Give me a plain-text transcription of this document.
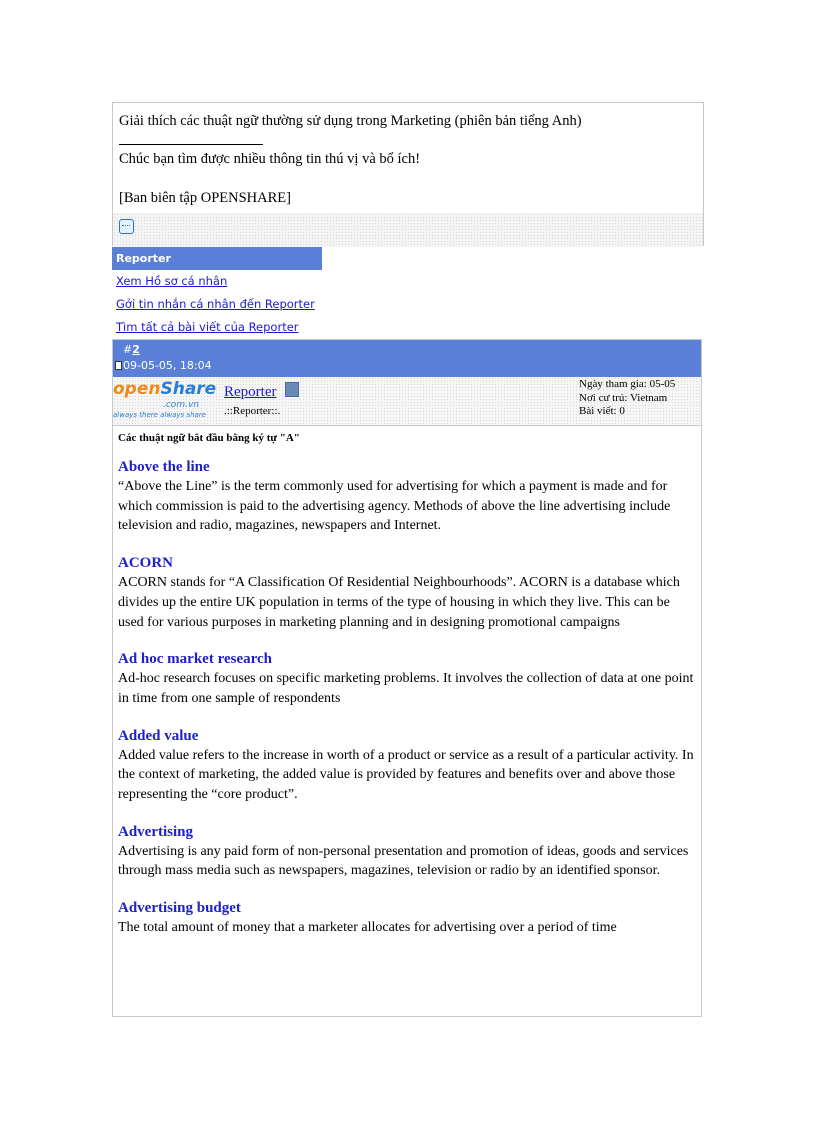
Giải thích các thuật ngữ thường sử dụng trong Marketing (phiên bản tiếng Anh)
Chúc bạn tìm được nhiều thông tin thú vị và bổ ích!
[Ban biên tập OPENSHARE]
Reporter
Xem Hồ sơ cá nhân
Gởi tin nhắn cá nhân đến Reporter
Tìm tất cả bài viết của Reporter
#2
09-05-05, 18:04
openShare
.com.vn
always there always share
Reporter
.::Reporter::.
Ngày tham gia: 05-05
Nơi cư trú: Vietnam
Bài viết: 0
Các thuật ngữ bắt đầu bằng ký tự "A"
Above the line

“Above the Line” is the term commonly used for advertising for which a payment is made and for which commission is paid to the advertising agency. Methods of above the line advertising include television and radio, magazines, newspapers and Internet.

ACORN

ACORN stands for “A Classification Of Residential Neighbourhoods”. ACORN is a database which divides up the entire UK population in terms of the type of housing in which they live. This can be used for various purposes in marketing planning and in designing promotional campaigns

Ad hoc market research

Ad-hoc research focuses on specific marketing problems. It involves the collection of data at one point in time from one sample of respondents

Added value

Added value refers to the increase in worth of a product or service as a result of a particular activity. In the context of marketing, the added value is provided by features and benefits over and above those representing the “core product”.

Advertising

Advertising is any paid form of non-personal presentation and promotion of ideas, goods and services through mass media such as newspapers, magazines, television or radio by an identified sponsor.

Advertising budget

The total amount of money that a marketer allocates for advertising over a period of time
